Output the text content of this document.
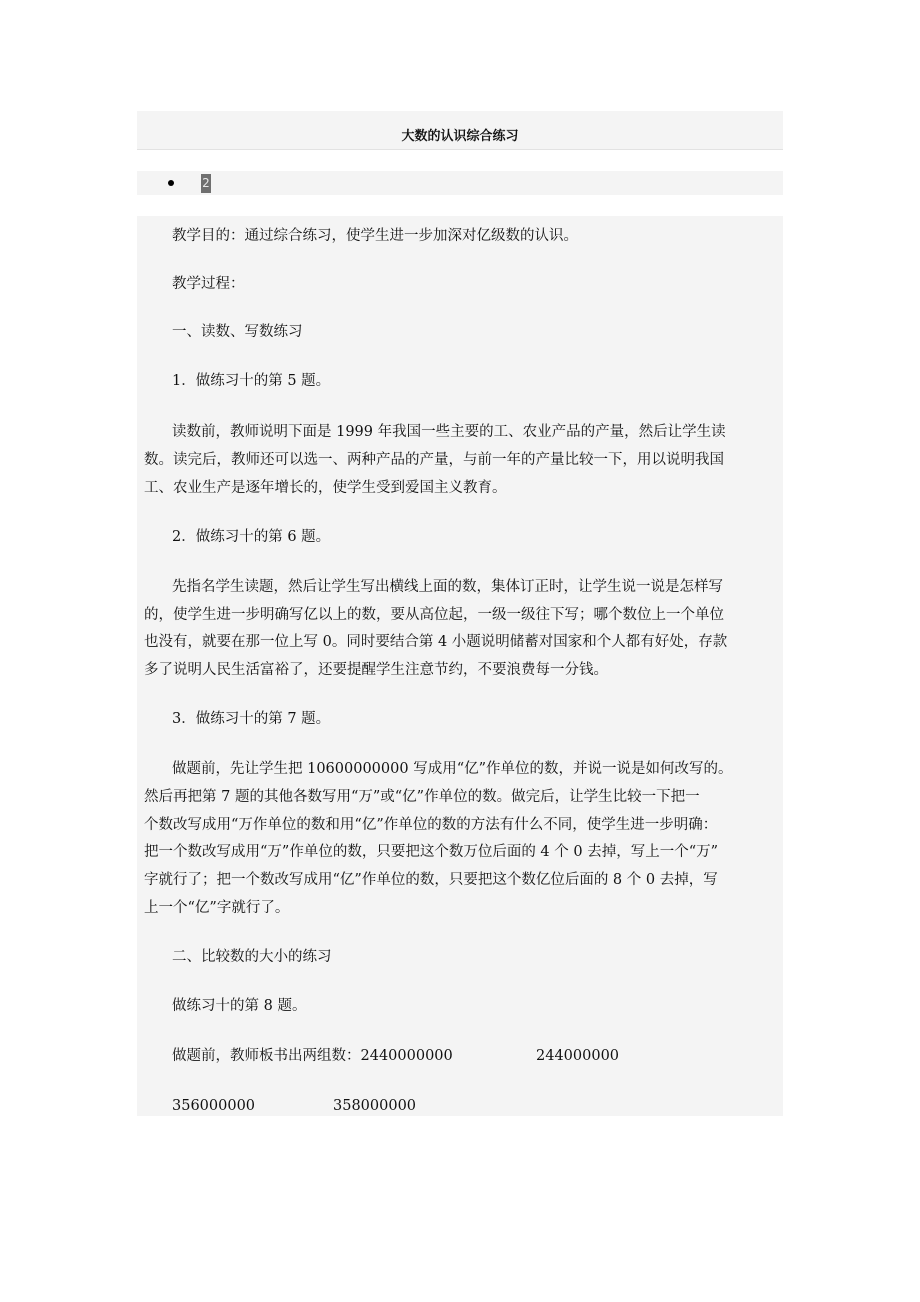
大数的认识综合练习
2
教学目的：通过综合练习，使学生进一步加深对亿级数的认识。
教学过程：
一、读数、写数练习
1．做练习十的第 5 题。
读数前，教师说明下面是 1999 年我国一些主要的工、农业产品的产量，然后让学生读
数。读完后，教师还可以选一、两种产品的产量，与前一年的产量比较一下，用以说明我国
工、农业生产是逐年增长的，使学生受到爱国主义教育。
2．做练习十的第 6 题。
先指名学生读题，然后让学生写出横线上面的数，集体订正时，让学生说一说是怎样写
的，使学生进一步明确写亿以上的数，要从高位起，一级一级往下写；哪个数位上一个单位
也没有，就要在那一位上写 0。同时要结合第 4 小题说明储蓄对国家和个人都有好处，存款
多了说明人民生活富裕了，还要提醒学生注意节约，不要浪费每一分钱。
3．做练习十的第 7 题。
做题前，先让学生把 10600000000 写成用“亿”作单位的数，并说一说是如何改写的。
然后再把第 7 题的其他各数写用“万”或“亿”作单位的数。做完后，让学生比较一下把一
个数改写成用“万作单位的数和用“亿”作单位的数的方法有什么不同，使学生进一步明确：
把一个数改写成用“万”作单位的数，只要把这个数万位后面的 4 个 0 去掉，写上一个“万”
字就行了；把一个数改写成用“亿”作单位的数，只要把这个数亿位后面的 8 个 0 去掉，写
上一个“亿”字就行了。
二、比较数的大小的练习
做练习十的第 8 题。
做题前，教师板书出两组数：2440000000	244000000
356000000	358000000
